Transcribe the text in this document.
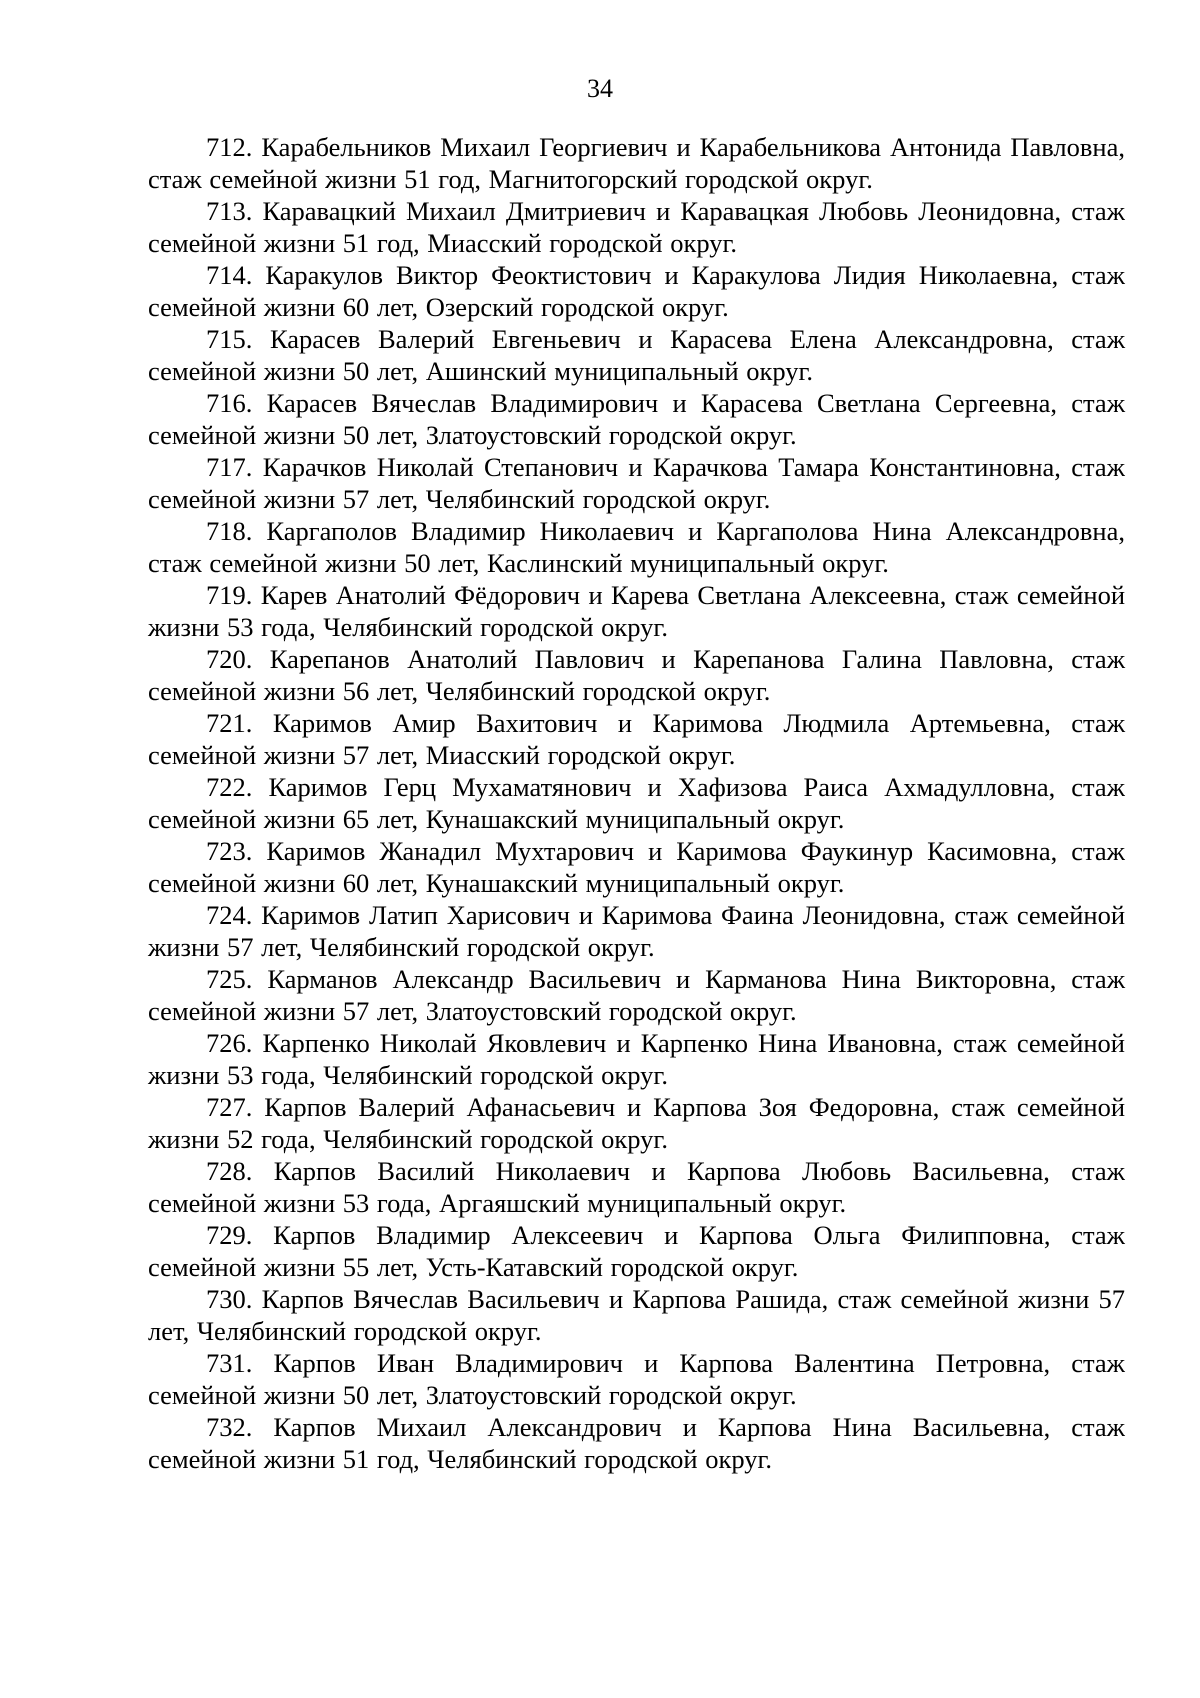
34

712. Карабельников Михаил Георгиевич и Карабельникова Антонида Павловна, стаж семейной жизни 51 год, Магнитогорский городской округ.

713. Каравацкий Михаил Дмитриевич и Каравацкая Любовь Леонидовна, стаж семейной жизни 51 год, Миасский городской округ.

714. Каракулов Виктор Феоктистович и Каракулова Лидия Николаевна, стаж семейной жизни 60 лет, Озерский городской округ.

715. Карасев Валерий Евгеньевич и Карасева Елена Александровна, стаж семейной жизни 50 лет, Ашинский муниципальный округ.

716. Карасев Вячеслав Владимирович и Карасева Светлана Сергеевна, стаж семейной жизни 50 лет, Златоустовский городской округ.

717. Карачков Николай Степанович и Карачкова Тамара Константиновна, стаж семейной жизни 57 лет, Челябинский городской округ.

718. Каргаполов Владимир Николаевич и Каргаполова Нина Александровна, стаж семейной жизни 50 лет, Каслинский муниципальный округ.

719. Карев Анатолий Фёдорович и Карева Светлана Алексеевна, стаж семейной жизни 53 года, Челябинский городской округ.

720. Карепанов Анатолий Павлович и Карепанова Галина Павловна, стаж семейной жизни 56 лет, Челябинский городской округ.

721. Каримов Амир Вахитович и Каримова Людмила Артемьевна, стаж семейной жизни 57 лет, Миасский городской округ.

722. Каримов Герц Мухаматянович и Хафизова Раиса Ахмадулловна, стаж семейной жизни 65 лет, Кунашакский муниципальный округ.

723. Каримов Жанадил Мухтарович и Каримова Фаукинур Касимовна, стаж семейной жизни 60 лет, Кунашакский муниципальный округ.

724. Каримов Латип Харисович и Каримова Фаина Леонидовна, стаж семейной жизни 57 лет, Челябинский городской округ.

725. Карманов Александр Васильевич и Карманова Нина Викторовна, стаж семейной жизни 57 лет, Златоустовский городской округ.

726. Карпенко Николай Яковлевич и Карпенко Нина Ивановна, стаж семейной жизни 53 года, Челябинский городской округ.

727. Карпов Валерий Афанасьевич и Карпова Зоя Федоровна, стаж семейной жизни 52 года, Челябинский городской округ.

728. Карпов Василий Николаевич и Карпова Любовь Васильевна, стаж семейной жизни 53 года, Аргаяшский муниципальный округ.

729. Карпов Владимир Алексеевич и Карпова Ольга Филипповна, стаж семейной жизни 55 лет, Усть-Катавский городской округ.

730. Карпов Вячеслав Васильевич и Карпова Рашида, стаж семейной жизни 57 лет, Челябинский городской округ.

731. Карпов Иван Владимирович и Карпова Валентина Петровна, стаж семейной жизни 50 лет, Златоустовский городской округ.

732. Карпов Михаил Александрович и Карпова Нина Васильевна, стаж семейной жизни 51 год, Челябинский городской округ.
